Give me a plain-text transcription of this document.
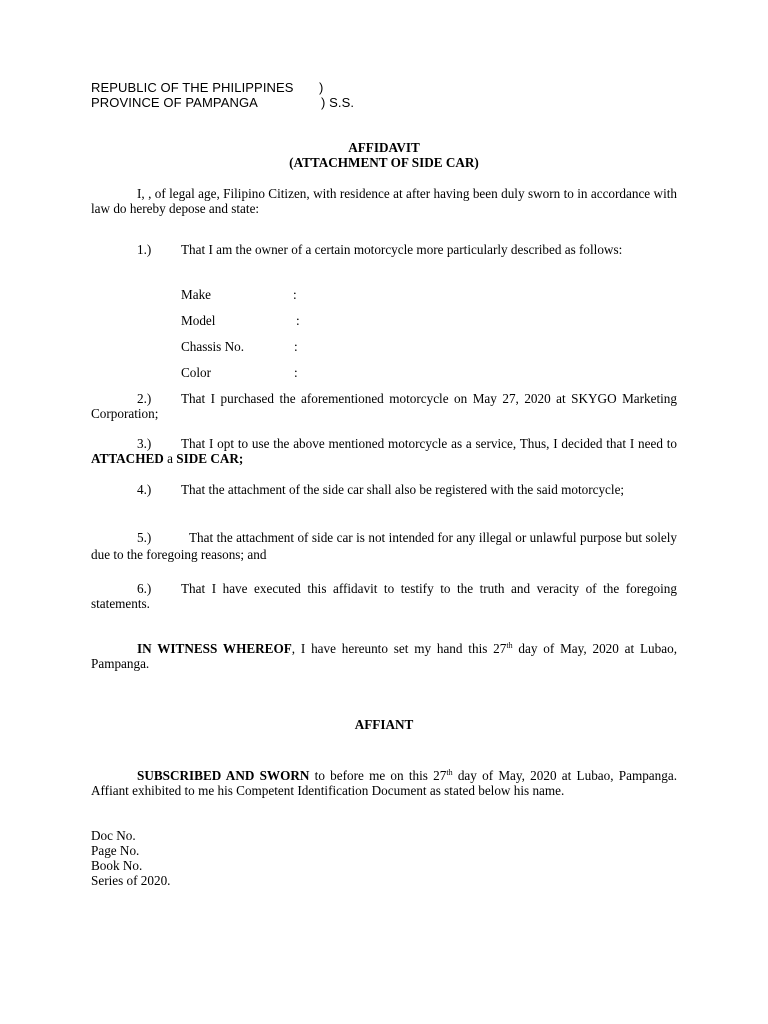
REPUBLIC OF THE PHILIPPINES )
PROVINCE OF PAMPANGA	) S.S.
AFFIDAVIT
(ATTACHMENT OF SIDE CAR)
I, , of legal age, Filipino Citizen, with residence at after having been duly sworn to in accordance with law do hereby depose and state:
1.) That I am the owner of a certain motorcycle more particularly described as follows:
Make	:
Model	:
Chassis No.	:
Color	:
2.) That I purchased the aforementioned motorcycle on May 27, 2020 at SKYGO Marketing Corporation;
3.) That I opt to use the above mentioned motorcycle as a service, Thus, I decided that I need to ATTACHED a SIDE CAR;
4.) That the attachment of the side car shall also be registered with the said motorcycle;
5.)	That the attachment of side car is not intended for any illegal or unlawful purpose but solely due to the foregoing reasons; and
6.) That I have executed this affidavit to testify to the truth and veracity of the foregoing statements.
IN WITNESS WHEREOF, I have hereunto set my hand this 27th day of May, 2020 at Lubao, Pampanga.
AFFIANT
SUBSCRIBED AND SWORN to before me on this 27th day of May, 2020 at Lubao, Pampanga. Affiant exhibited to me his Competent Identification Document as stated below his name.
Doc No.
Page No.
Book No.
Series of 2020.
